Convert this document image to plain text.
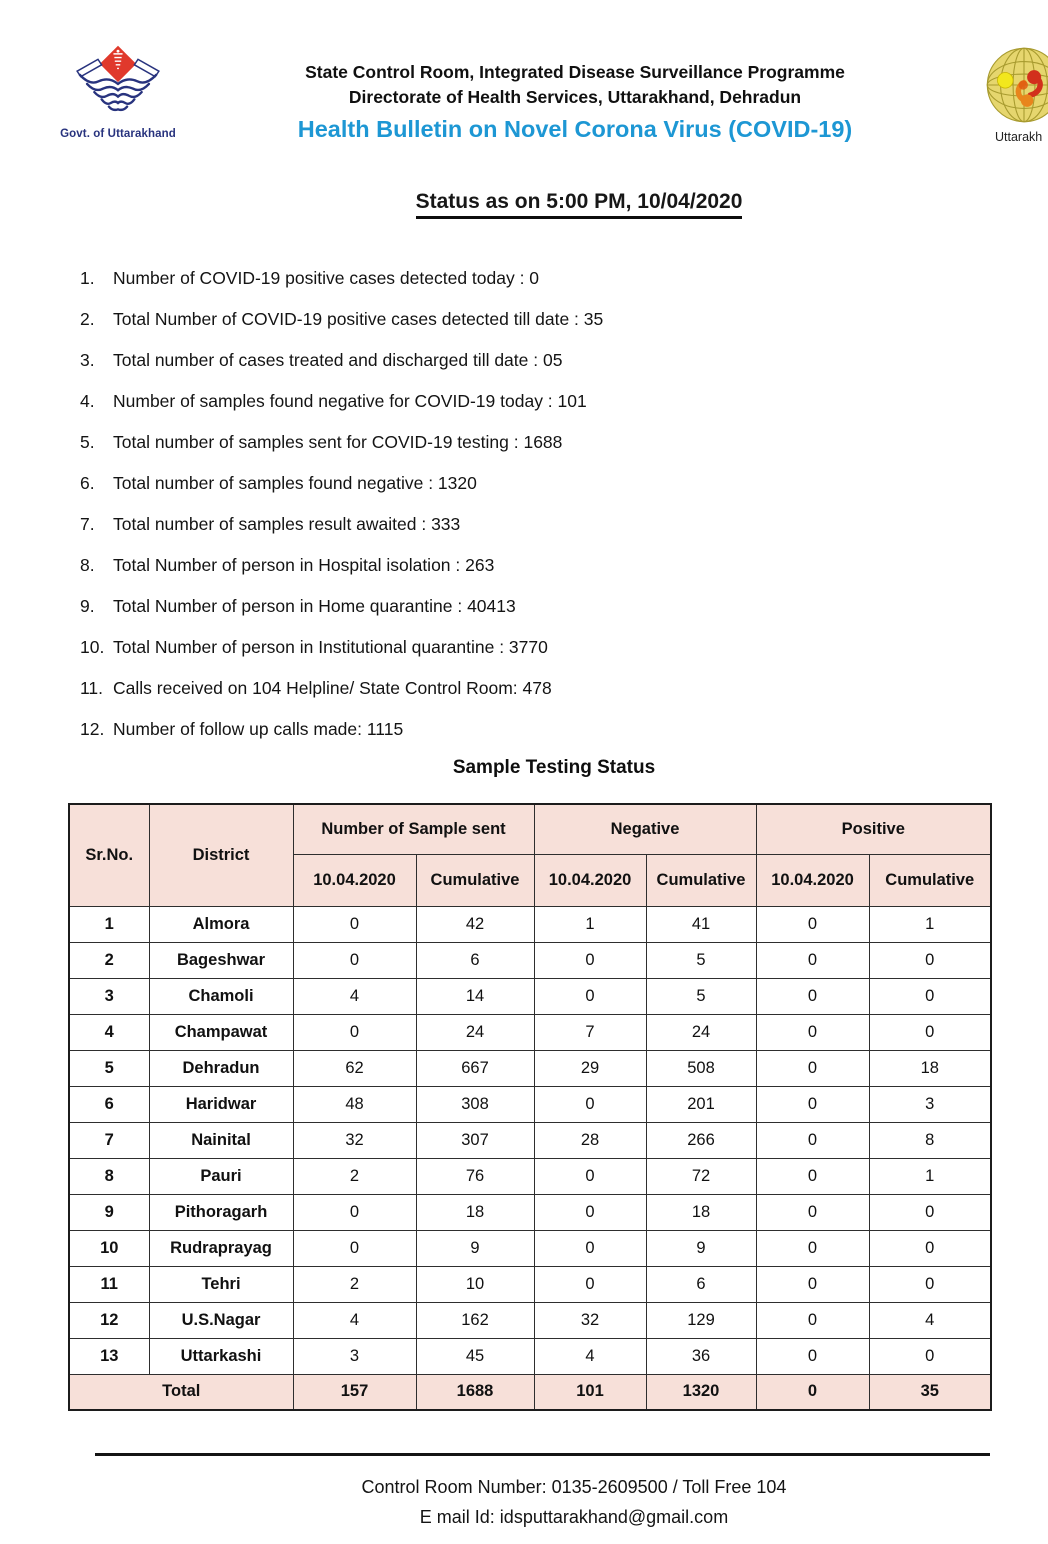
Govt. of Uttarakhand
State Control Room, Integrated Disease Surveillance Programme
Directorate of Health Services, Uttarakhand, Dehradun
Health Bulletin on Novel Corona Virus (COVID-19)	Uttarakh
Status as on 5:00 PM, 10/04/2020
1.	Number of COVID-19 positive cases detected today : 0
2.	Total Number of COVID-19 positive cases detected till date : 35
3.	Total number of cases treated and discharged till date : 05
4.	Number of samples found negative for COVID-19 today : 101
5.	Total number of samples sent for COVID-19 testing : 1688
6.	Total number of samples found negative : 1320
7.	Total number of samples result awaited : 333
8.	Total Number of person in Hospital isolation : 263
9.	Total Number of person in Home quarantine : 40413
10. Total Number of person in Institutional quarantine : 3770
11. Calls received on 104 Helpline/ State Control Room: 478
12. Number of follow up calls made: 1115
Sample Testing Status
Sr.No.	District	Number of Sample sent		Negative		Positive	
		10.04.2020	Cumulative	10.04.2020	Cumulative	10.04.2020	Cumulative
1	Almora	0	42	1	41	0	1
2	Bageshwar	0	6	0	5	0	0
3	Chamoli	4	14	0	5	0	0
4	Champawat	0	24	7	24	0	0
5	Dehradun	62	667	29	508	0	18
6	Haridwar	48	308	0	201	0	3
7	Nainital	32	307	28	266	0	8
8	Pauri	2	76	0	72	0	1
9	Pithoragarh	0	18	0	18	0	0
10	Rudraprayag	0	9	0	9	0	0
11	Tehri	2	10	0	6	0	0
12	U.S.Nagar	4	162	32	129	0	4
13	Uttarkashi	3	45	4	36	0	0
Total		157	1688	101	1320	0	35
Control Room Number: 0135-2609500 / Toll Free 104
E mail Id: idsputtarakhand@gmail.com
